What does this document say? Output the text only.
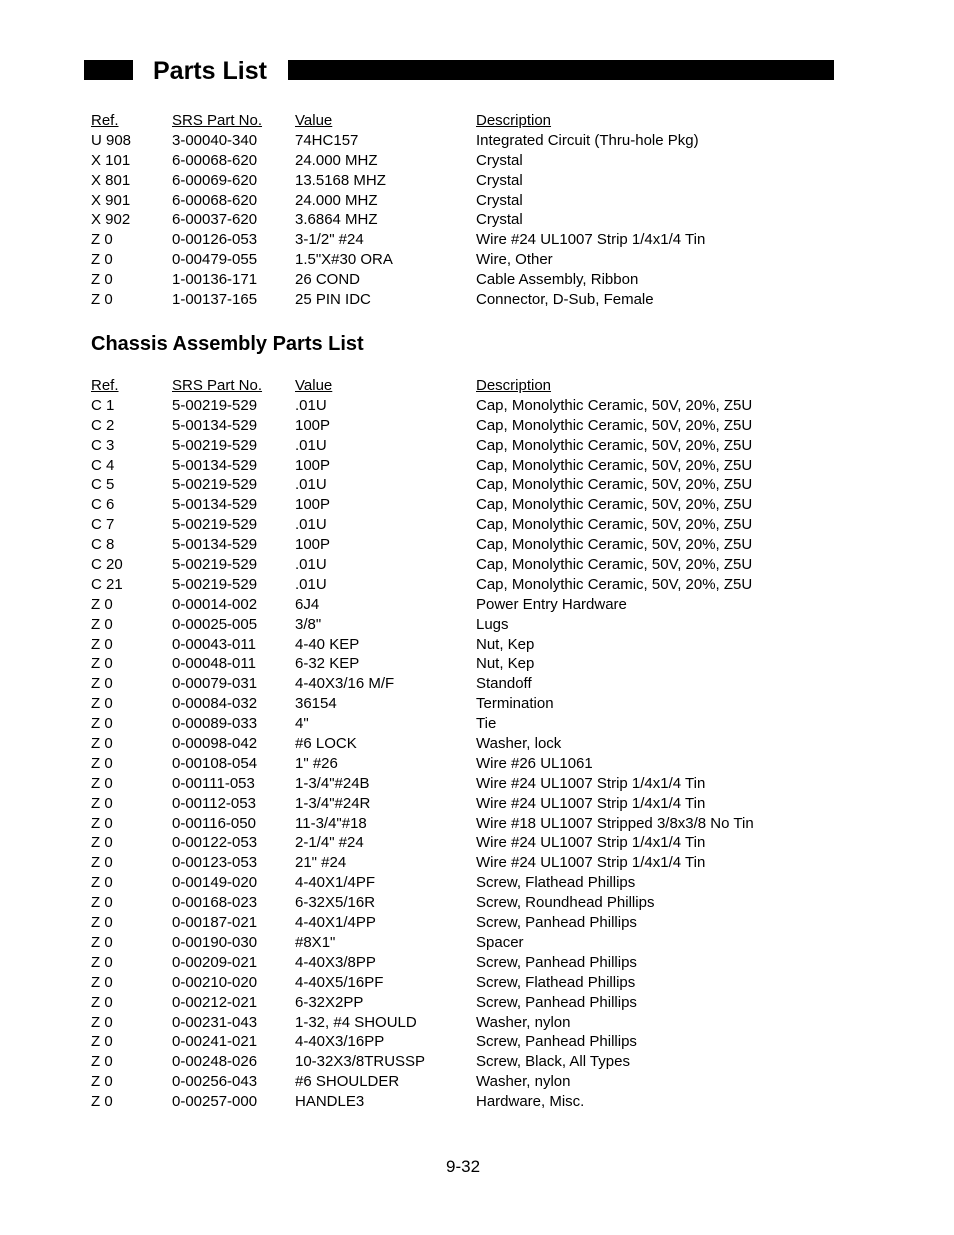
Parts List
Ref.	SRS Part No. Value	Description
U 908	3-00040-340	74HC157	Integrated Circuit (Thru-hole Pkg)
X 101	6-00068-620	24.000 MHZ	Crystal
X 801	6-00069-620	13.5168 MHZ	Crystal
X 901	6-00068-620	24.000 MHZ	Crystal
X 902	6-00037-620	3.6864 MHZ	Crystal
Z 0	0-00126-053	3-1/2" #24	Wire #24 UL1007 Strip 1/4x1/4 Tin
Z 0	0-00479-055	1.5"X#30 ORA	Wire, Other
Z 0	1-00136-171	26 COND	Cable Assembly, Ribbon
Z 0	1-00137-165	25 PIN IDC	Connector, D-Sub, Female
Chassis Assembly Parts List
Ref.	SRS Part No. Value	Description
C 1	5-00219-529	.01U	Cap, Monolythic Ceramic, 50V, 20%, Z5U
C 2	5-00134-529	100P	Cap, Monolythic Ceramic, 50V, 20%, Z5U
C 3	5-00219-529	.01U	Cap, Monolythic Ceramic, 50V, 20%, Z5U
C 4	5-00134-529	100P	Cap, Monolythic Ceramic, 50V, 20%, Z5U
C 5	5-00219-529	.01U	Cap, Monolythic Ceramic, 50V, 20%, Z5U
C 6	5-00134-529	100P	Cap, Monolythic Ceramic, 50V, 20%, Z5U
C 7	5-00219-529	.01U	Cap, Monolythic Ceramic, 50V, 20%, Z5U
C 8	5-00134-529	100P	Cap, Monolythic Ceramic, 50V, 20%, Z5U
C 20	5-00219-529	.01U	Cap, Monolythic Ceramic, 50V, 20%, Z5U
C 21	5-00219-529	.01U	Cap, Monolythic Ceramic, 50V, 20%, Z5U
Z 0	0-00014-002	6J4	Power Entry Hardware
Z 0	0-00025-005	3/8"	Lugs
Z 0	0-00043-011	4-40 KEP	Nut, Kep
Z 0	0-00048-011	6-32 KEP	Nut, Kep
Z 0	0-00079-031	4-40X3/16 M/F	Standoff
Z 0	0-00084-032	36154	Termination
Z 0	0-00089-033	4"	Tie
Z 0	0-00098-042	#6 LOCK	Washer, lock
Z 0	0-00108-054	1" #26	Wire #26 UL1061
Z 0	0-00111-053	1-3/4"#24B	Wire #24 UL1007 Strip 1/4x1/4 Tin
Z 0	0-00112-053	1-3/4"#24R	Wire #24 UL1007 Strip 1/4x1/4 Tin
Z 0	0-00116-050	11-3/4"#18	Wire #18 UL1007 Stripped 3/8x3/8 No Tin
Z 0	0-00122-053	2-1/4" #24	Wire #24 UL1007 Strip 1/4x1/4 Tin
Z 0	0-00123-053	21" #24	Wire #24 UL1007 Strip 1/4x1/4 Tin
Z 0	0-00149-020	4-40X1/4PF	Screw, Flathead Phillips
Z 0	0-00168-023	6-32X5/16R	Screw, Roundhead Phillips
Z 0	0-00187-021	4-40X1/4PP	Screw, Panhead Phillips
Z 0	0-00190-030	#8X1"	Spacer
Z 0	0-00209-021	4-40X3/8PP	Screw, Panhead Phillips
Z 0	0-00210-020	4-40X5/16PF	Screw, Flathead Phillips
Z 0	0-00212-021	6-32X2PP	Screw, Panhead Phillips
Z 0	0-00231-043	1-32, #4 SHOULD	Washer, nylon
Z 0	0-00241-021	4-40X3/16PP	Screw, Panhead Phillips
Z 0	0-00248-026	10-32X3/8TRUSSP	Screw, Black, All Types
Z 0	0-00256-043	#6 SHOULDER	Washer, nylon
Z 0	0-00257-000	HANDLE3	Hardware, Misc.
9-32
